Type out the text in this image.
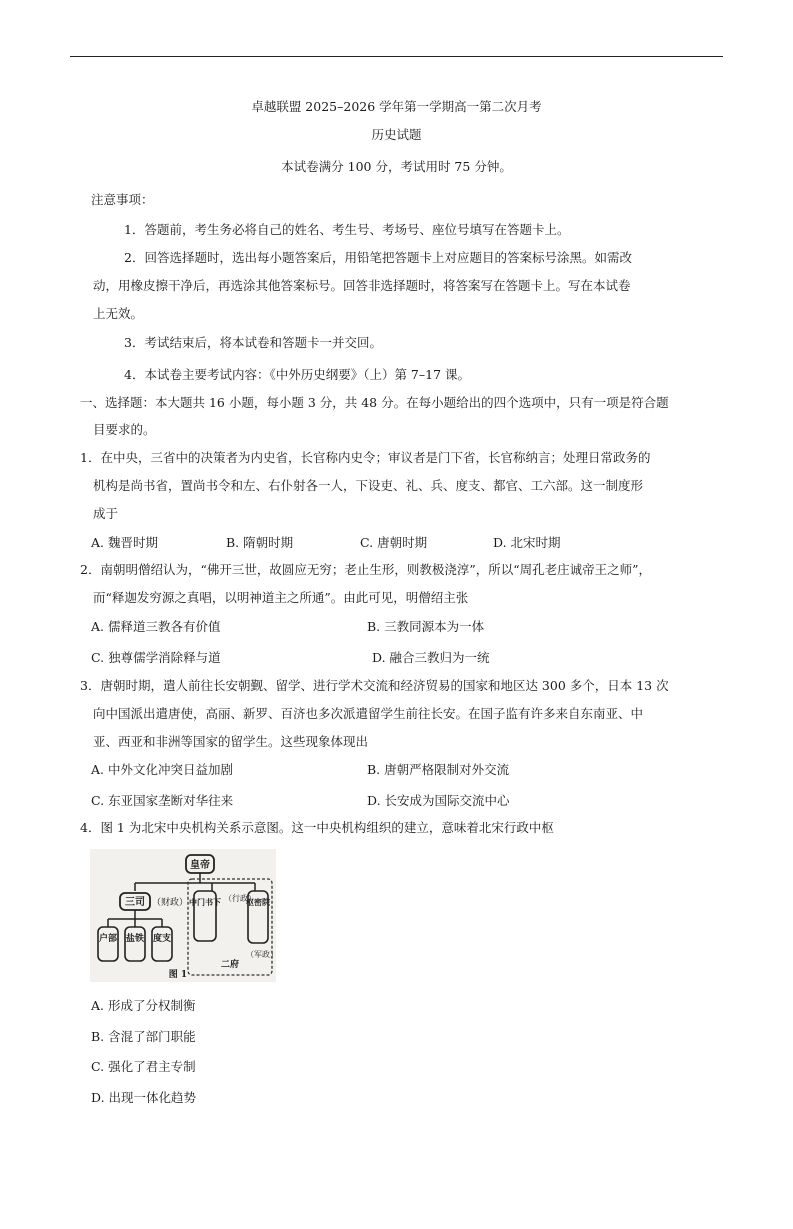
卓越联盟 2025–2026 学年第一学期高一第二次月考
历史试题
本试卷满分 100 分，考试用时 75 分钟。
注意事项：
1．答题前，考生务必将自己的姓名、考生号、考场号、座位号填写在答题卡上。
2．回答选择题时，选出每小题答案后，用铅笔把答题卡上对应题目的答案标号涂黑。如需改
动，用橡皮擦干净后，再选涂其他答案标号。回答非选择题时，将答案写在答题卡上。写在本试卷
上无效。
3．考试结束后，将本试卷和答题卡一并交回。
4．本试卷主要考试内容：《中外历史纲要》（上）第 7–17 课。
一、选择题：本大题共 16 小题，每小题 3 分，共 48 分。在每小题给出的四个选项中，只有一项是符合题
目要求的。
1．在中央，三省中的决策者为内史省，长官称内史令；审议者是门下省，长官称纳言；处理日常政务的
机构是尚书省，置尚书令和左、右仆射各一人，下设吏、礼、兵、度支、都官、工六部。这一制度形
成于
A. 魏晋时期	B. 隋朝时期	C. 唐朝时期	D. 北宋时期
2．南朝明僧绍认为，“佛开三世，故圆应无穷；老止生形，则教极浇淳”，所以“周孔老庄诚帝王之师”，
而“释迦发穷源之真唱，以明神道主之所通”。由此可见，明僧绍主张
A. 儒释道三教各有价值	B. 三教同源本为一体
C. 独尊儒学消除释与道	D. 融合三教归为一统
3．唐朝时期，遣人前往长安朝觐、留学、进行学术交流和经济贸易的国家和地区达 300 多个，日本 13 次
向中国派出遣唐使，高丽、新罗、百济也多次派遣留学生前往长安。在国子监有许多来自东南亚、中
亚、西亚和非洲等国家的留学生。这些现象体现出
A. 中外文化冲突日益加剧	B. 唐朝严格限制对外交流
C. 东亚国家垄断对华往来	D. 长安成为国际交流中心
4．图 1 为北宋中央机构关系示意图。这一中央机构组织的建立，意味着北宋行政中枢
皇帝
三司 （财政）
户部 盐铁 度支
中门书下 （行政）
枢密院
（军政）
二府
图 1
A. 形成了分权制衡
B. 含混了部门职能
C. 强化了君主专制
D. 出现一体化趋势
